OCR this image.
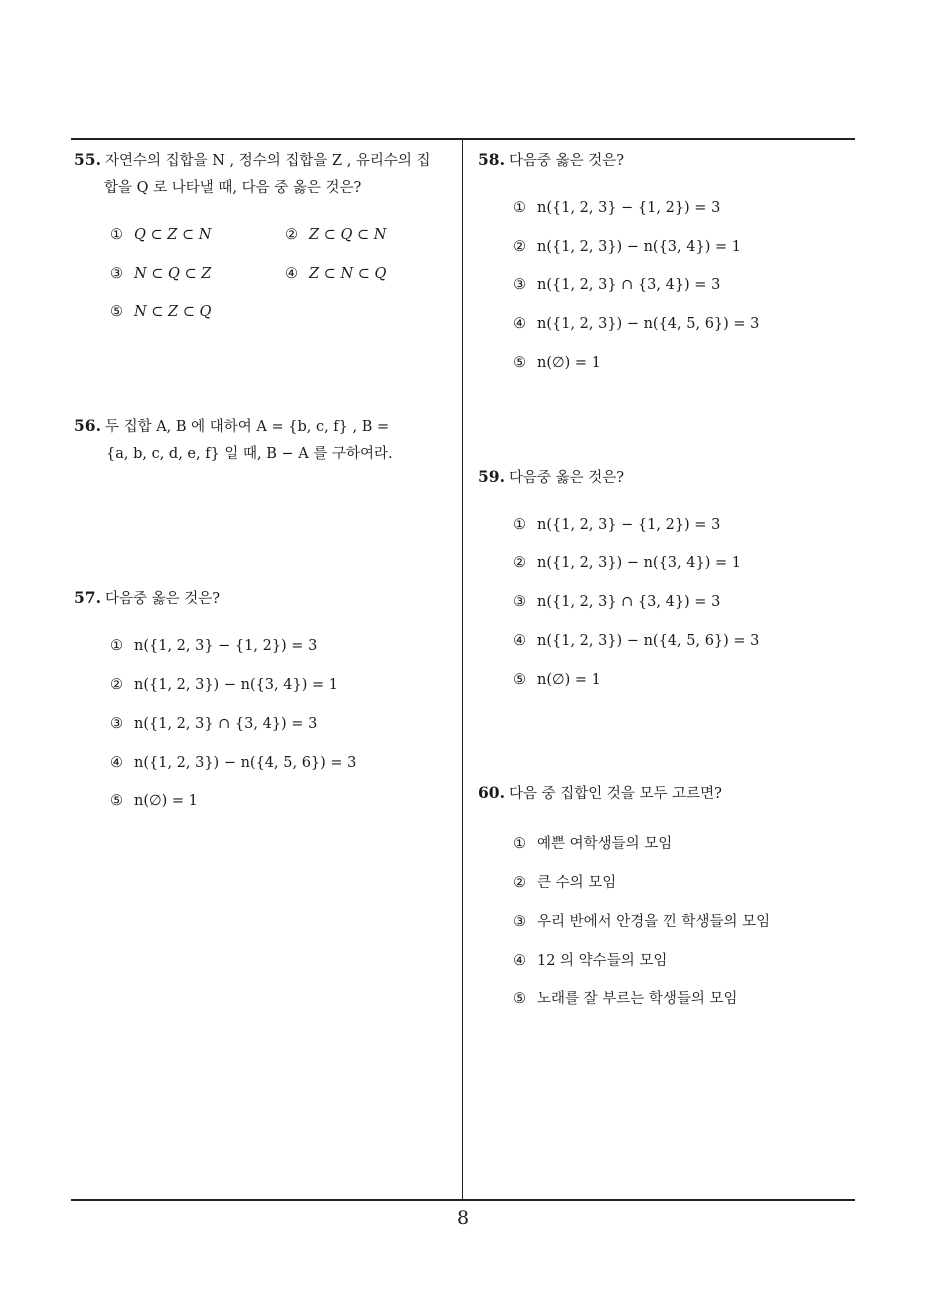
55. 자연수의 집합을 N , 정수의 집합을 Z , 유리수의 집
합을 Q 로 나타낼 때, 다음 중 옳은 것은?
① Q ⊂ Z ⊂ N	② Z ⊂ Q ⊂ N
③ N ⊂ Q ⊂ Z	④ Z ⊂ N ⊂ Q
⑤ N ⊂ Z ⊂ Q
56. 두 집합 A, B 에 대하여 A = {b, c, f} , B =
{a, b, c, d, e, f} 일 때, B − A 를 구하여라.
57. 다음중 옳은 것은?
① n({1, 2, 3} − {1, 2}) = 3
② n({1, 2, 3}) − n({3, 4}) = 1
③ n({1, 2, 3} ∩ {3, 4}) = 3
④ n({1, 2, 3}) − n({4, 5, 6}) = 3
⑤ n(∅) = 1
58. 다음중 옳은 것은?
① n({1, 2, 3} − {1, 2}) = 3
② n({1, 2, 3}) − n({3, 4}) = 1
③ n({1, 2, 3} ∩ {3, 4}) = 3
④ n({1, 2, 3}) − n({4, 5, 6}) = 3
⑤ n(∅) = 1
59. 다음중 옳은 것은?
① n({1, 2, 3} − {1, 2}) = 3
② n({1, 2, 3}) − n({3, 4}) = 1
③ n({1, 2, 3} ∩ {3, 4}) = 3
④ n({1, 2, 3}) − n({4, 5, 6}) = 3
⑤ n(∅) = 1
60. 다음 중 집합인 것을 모두 고르면?
① 예쁜 여학생들의 모임
② 큰 수의 모임
③ 우리 반에서 안경을 낀 학생들의 모임
④ 12 의 약수들의 모임
⑤ 노래를 잘 부르는 학생들의 모임
8
